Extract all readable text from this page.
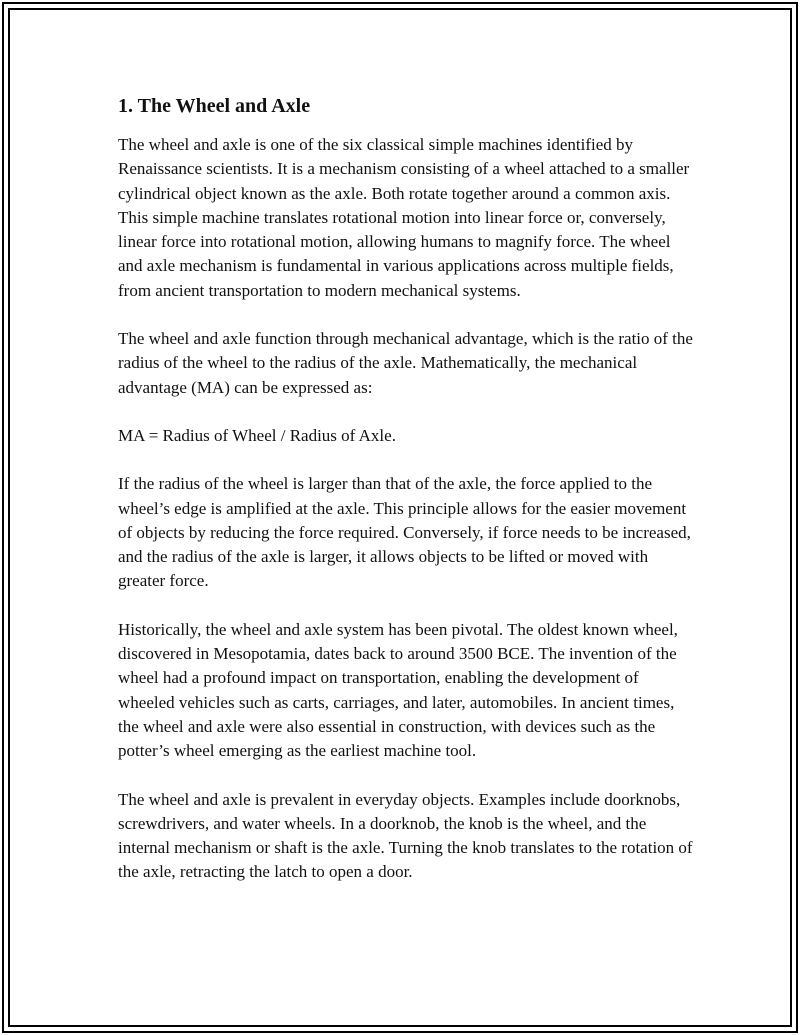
1. The Wheel and Axle

The wheel and axle is one of the six classical simple machines identified by Renaissance scientists. It is a mechanism consisting of a wheel attached to a smaller cylindrical object known as the axle. Both rotate together around a common axis. This simple machine translates rotational motion into linear force or, conversely, linear force into rotational motion, allowing humans to magnify force. The wheel and axle mechanism is fundamental in various applications across multiple fields, from ancient transportation to modern mechanical systems.

The wheel and axle function through mechanical advantage, which is the ratio of the radius of the wheel to the radius of the axle. Mathematically, the mechanical advantage (MA) can be expressed as:

MA = Radius of Wheel / Radius of Axle.

If the radius of the wheel is larger than that of the axle, the force applied to the wheel’s edge is amplified at the axle. This principle allows for the easier movement of objects by reducing the force required. Conversely, if force needs to be increased, and the radius of the axle is larger, it allows objects to be lifted or moved with greater force.

Historically, the wheel and axle system has been pivotal. The oldest known wheel, discovered in Mesopotamia, dates back to around 3500 BCE. The invention of the wheel had a profound impact on transportation, enabling the development of wheeled vehicles such as carts, carriages, and later, automobiles. In ancient times, the wheel and axle were also essential in construction, with devices such as the potter’s wheel emerging as the earliest machine tool.

The wheel and axle is prevalent in everyday objects. Examples include doorknobs, screwdrivers, and water wheels. In a doorknob, the knob is the wheel, and the internal mechanism or shaft is the axle. Turning the knob translates to the rotation of the axle, retracting the latch to open a door.
